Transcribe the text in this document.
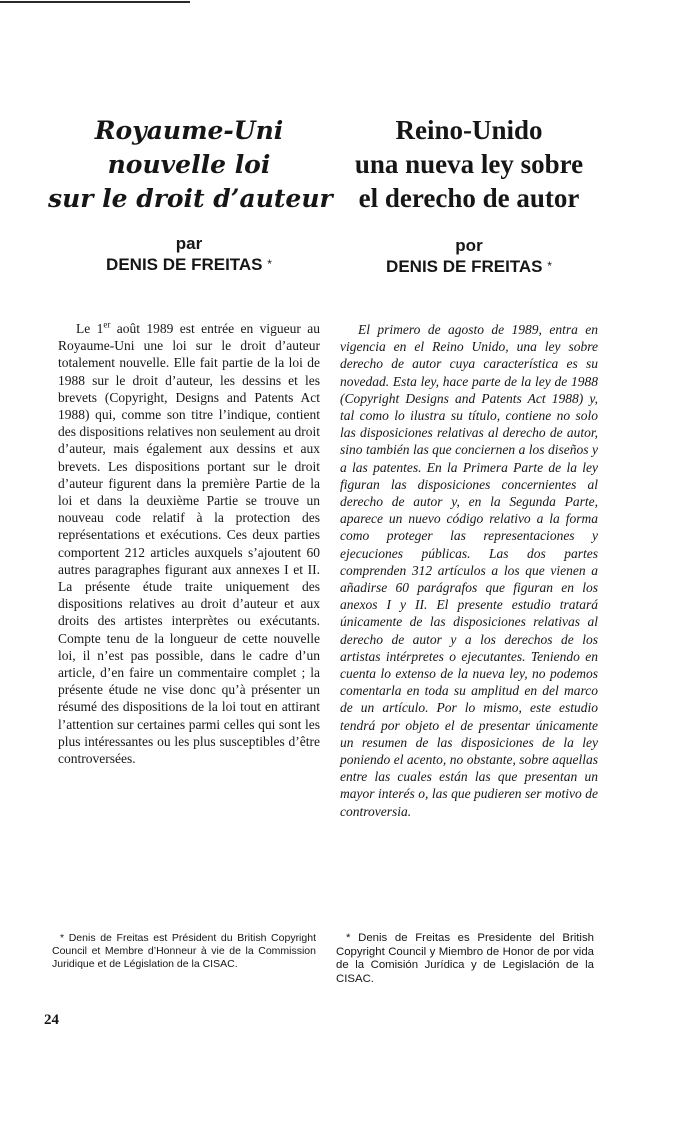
Royaume-Uni
nouvelle loi
sur le droit d’auteur
Reino-Unido
una nueva ley sobre
el derecho de autor
par
DENIS DE FREITAS *
por
DENIS DE FREITAS *

Le 1er août 1989 est entrée en vigueur au Royaume-Uni une loi sur le droit d’auteur totalement nouvelle. Elle fait partie de la loi de 1988 sur le droit d’auteur, les dessins et les brevets (Copyright, Designs and Patents Act 1988) qui, comme son titre l’indique, contient des dispositions relatives non seulement au droit d’auteur, mais également aux dessins et aux brevets. Les dispositions portant sur le droit d’auteur figurent dans la première Partie de la loi et dans la deuxième Partie se trouve un nouveau code relatif à la protection des représentations et exécutions. Ces deux parties comportent 212 articles auxquels s’ajoutent 60 autres paragraphes figurant aux annexes I et II. La présente étude traite uniquement des dispositions relatives au droit d’auteur et aux droits des artistes interprètes ou exécutants. Compte tenu de la longueur de cette nouvelle loi, il n’est pas possible, dans le cadre d’un article, d’en faire un commentaire complet ; la présente étude ne vise donc qu’à présenter un résumé des dispositions de la loi tout en attirant l’attention sur certaines parmi celles qui sont les plus intéressantes ou les plus susceptibles d’être controversées.

El primero de agosto de 1989, entra en vigencia en el Reino Unido, una ley sobre derecho de autor cuya característica es su novedad. Esta ley, hace parte de la ley de 1988 (Copyright Designs and Patents Act 1988) y, tal como lo ilustra su título, contiene no solo las disposiciones relativas al derecho de autor, sino también las que conciernen a los diseños y a las patentes. En la Primera Parte de la ley figuran las disposiciones concernientes al derecho de autor y, en la Segunda Parte, aparece un nuevo código relativo a la forma como proteger las representaciones y ejecuciones públicas. Las dos partes comprenden 312 artículos a los que vienen a añadirse 60 parágrafos que figuran en los anexos I y II. El presente estudio tratará únicamente de las disposiciones relativas al derecho de autor y a los derechos de los artistas intérpretes o ejecutantes. Teniendo en cuenta lo extenso de la nueva ley, no podemos comentarla en toda su amplitud en del marco de un artículo. Por lo mismo, este estudio tendrá por objeto el de presentar únicamente un resumen de las disposiciones de la ley poniendo el acento, no obstante, sobre aquellas entre las cuales están las que presentan un mayor interés o, las que pudieren ser motivo de controversia.

* Denis de Freitas est Président du British Copyright Council et Membre d’Honneur à vie de la Commission Juridique et de Législation de la CISAC.

* Denis de Freitas es Presidente del British Copyright Council y Miembro de Honor de por vida de la Comisión Jurídica y de Legislación de la CISAC.

24
